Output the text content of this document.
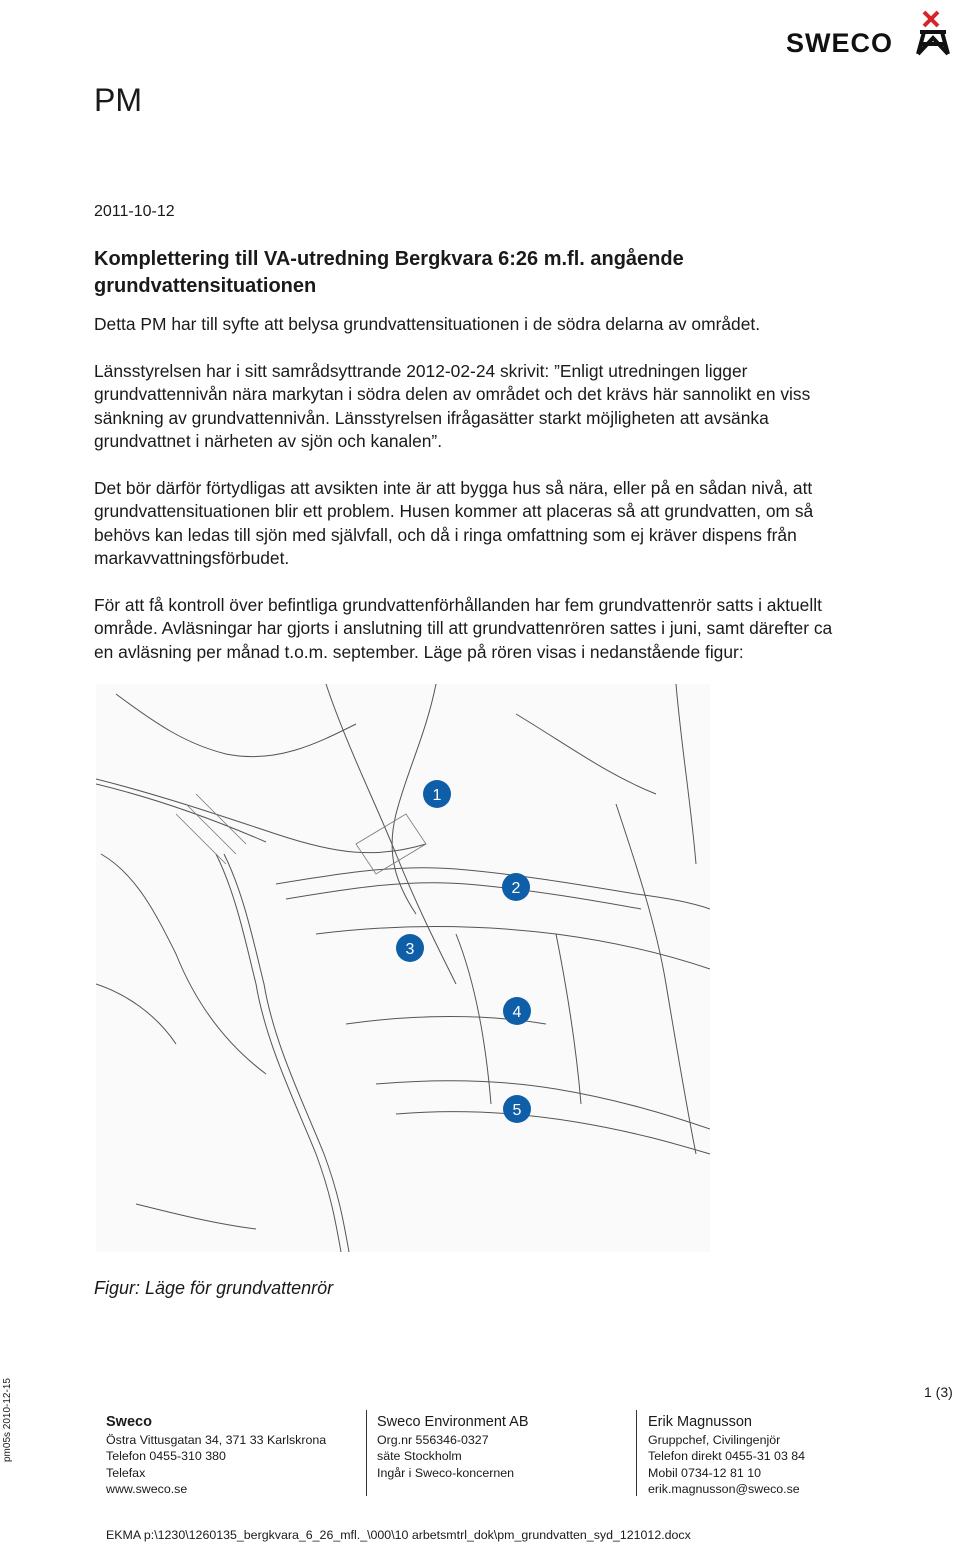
SWECO
PM
2011-10-12
Komplettering till VA-utredning Bergkvara 6:26 m.fl. angående
grundvattensituationen
Detta PM har till syfte att belysa grundvattensituationen i de södra delarna av området.
Länsstyrelsen har i sitt samrådsyttrande 2012-02-24 skrivit: ”Enligt utredningen ligger
grundvattennivån nära markytan i södra delen av området och det krävs här sannolikt en viss
sänkning av grundvattennivån. Länsstyrelsen ifrågasätter starkt möjligheten att avsänka
grundvattnet i närheten av sjön och kanalen”.
Det bör därför förtydligas att avsikten inte är att bygga hus så nära, eller på en sådan nivå, att
grundvattensituationen blir ett problem. Husen kommer att placeras så att grundvatten, om så
behövs kan ledas till sjön med självfall, och då i ringa omfattning som ej kräver dispens från
markavvattningsförbudet.
För att få kontroll över befintliga grundvattenförhållanden har fem grundvattenrör satts i aktuellt
område. Avläsningar har gjorts i anslutning till att grundvattenrören sattes i juni, samt därefter ca
en avläsning per månad t.o.m. september. Läge på rören visas i nedanstående figur:
1
2
3
4
5
Figur: Läge för grundvattenrör
1 (3)
pm05s 2010-12-15	Sweco
Östra Vittusgatan 34, 371 33 Karlskrona
Telefon 0455-310 380
Telefax
www.sweco.se
Sweco Environment AB
Org.nr 556346-0327
säte Stockholm
Ingår i Sweco-koncernen
Erik Magnusson
Gruppchef, Civilingenjör
Telefon direkt 0455-31 03 84
Mobil 0734-12 81 10
erik.magnusson@sweco.se
EKMA p:\1230\1260135_bergkvara_6_26_mfl._\000\10 arbetsmtrl_dok\pm_grundvatten_syd_121012.docx
